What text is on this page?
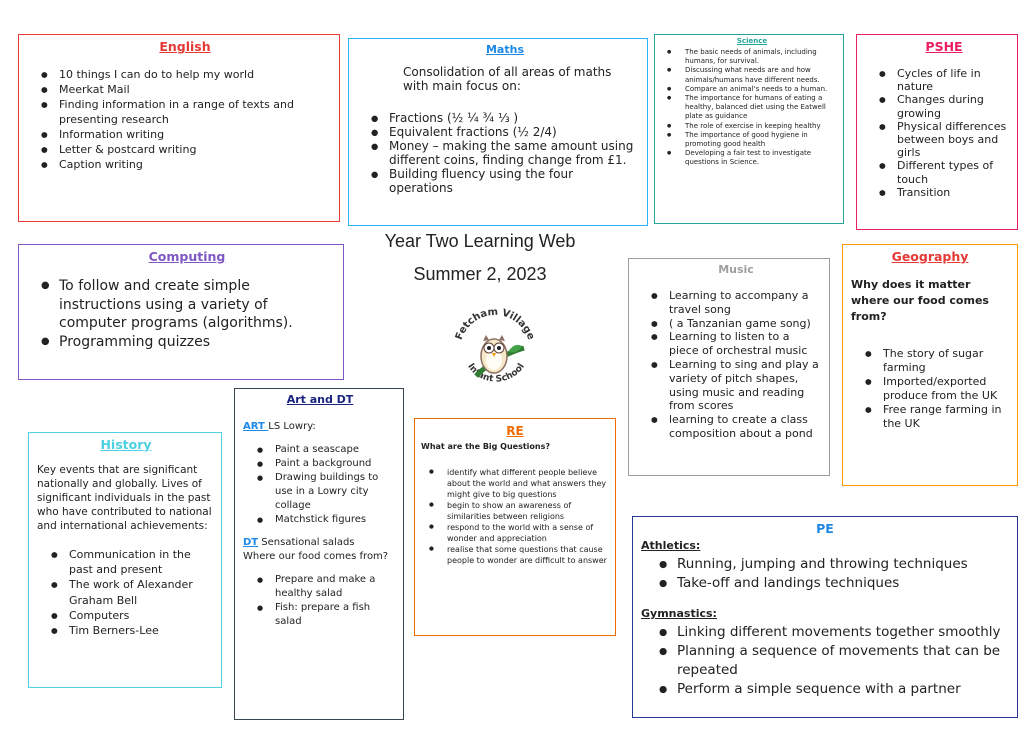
English

● 10 things I can do to help my world
● Meerkat Mail
● Finding information in a range of texts and presenting research
● Information writing
● Letter & postcard writing
● Caption writing

Maths

Consolidation of all areas of maths with main focus on:

● Fractions (½ ¼ ¾ ⅓ )
● Equivalent fractions (½ 2/4)
● Money – making the same amount using different coins, finding change from £1.
● Building fluency using the four operations

Science

● The basic needs of animals, including humans, for survival.
● Discussing what needs are and how animals/humans have different needs.
● Compare an animal's needs to a human.
● The importance for humans of eating a healthy, balanced diet using the Eatwell plate as guidance
● The role of exercise in keeping healthy
● The importance of good hygiene in promoting good health
● Developing a fair test to investigate questions in Science.

PSHE

● Cycles of life in nature
● Changes during growing
● Physical differences between boys and girls
● Different types of touch
● Transition
Year Two Learning Web
Summer 2, 2023
Fetcham Village
Infant School

Computing

● To follow and create simple instructions using a variety of computer programs (algorithms).
● Programming quizzes

Music

● Learning to accompany a travel song
● ( a Tanzanian game song)
● Learning to listen to a piece of orchestral music
● Learning to sing and play a variety of pitch shapes, using music and reading from scores
● learning to create a class composition about a pond

Geography

Why does it matter where our food comes from?

● The story of sugar farming
● Imported/exported produce from the UK
● Free range farming in the UK

Art and DT

ART LS Lowry:

● Paint a seascape
● Paint a background
● Drawing buildings to use in a Lowry city collage
● Matchstick figures

DT Sensational salads

Where our food comes from?

● Prepare and make a healthy salad
● Fish: prepare a fish salad

RE

What are the Big Questions?

● identify what different people believe about the world and what answers they might give to big questions
● begin to show an awareness of similarities between religions
● respond to the world with a sense of wonder and appreciation
● realise that some questions that cause people to wonder are difficult to answer

History

Key events that are significant nationally and globally. Lives of significant individuals in the past who have contributed to national and international achievements:

● Communication in the past and present
● The work of Alexander Graham Bell
● Computers
● Tim Berners-Lee

PE

Athletics:

● Running, jumping and throwing techniques
● Take-off and landings techniques

Gymnastics:

● Linking different movements together smoothly
● Planning a sequence of movements that can be repeated
● Perform a simple sequence with a partner
